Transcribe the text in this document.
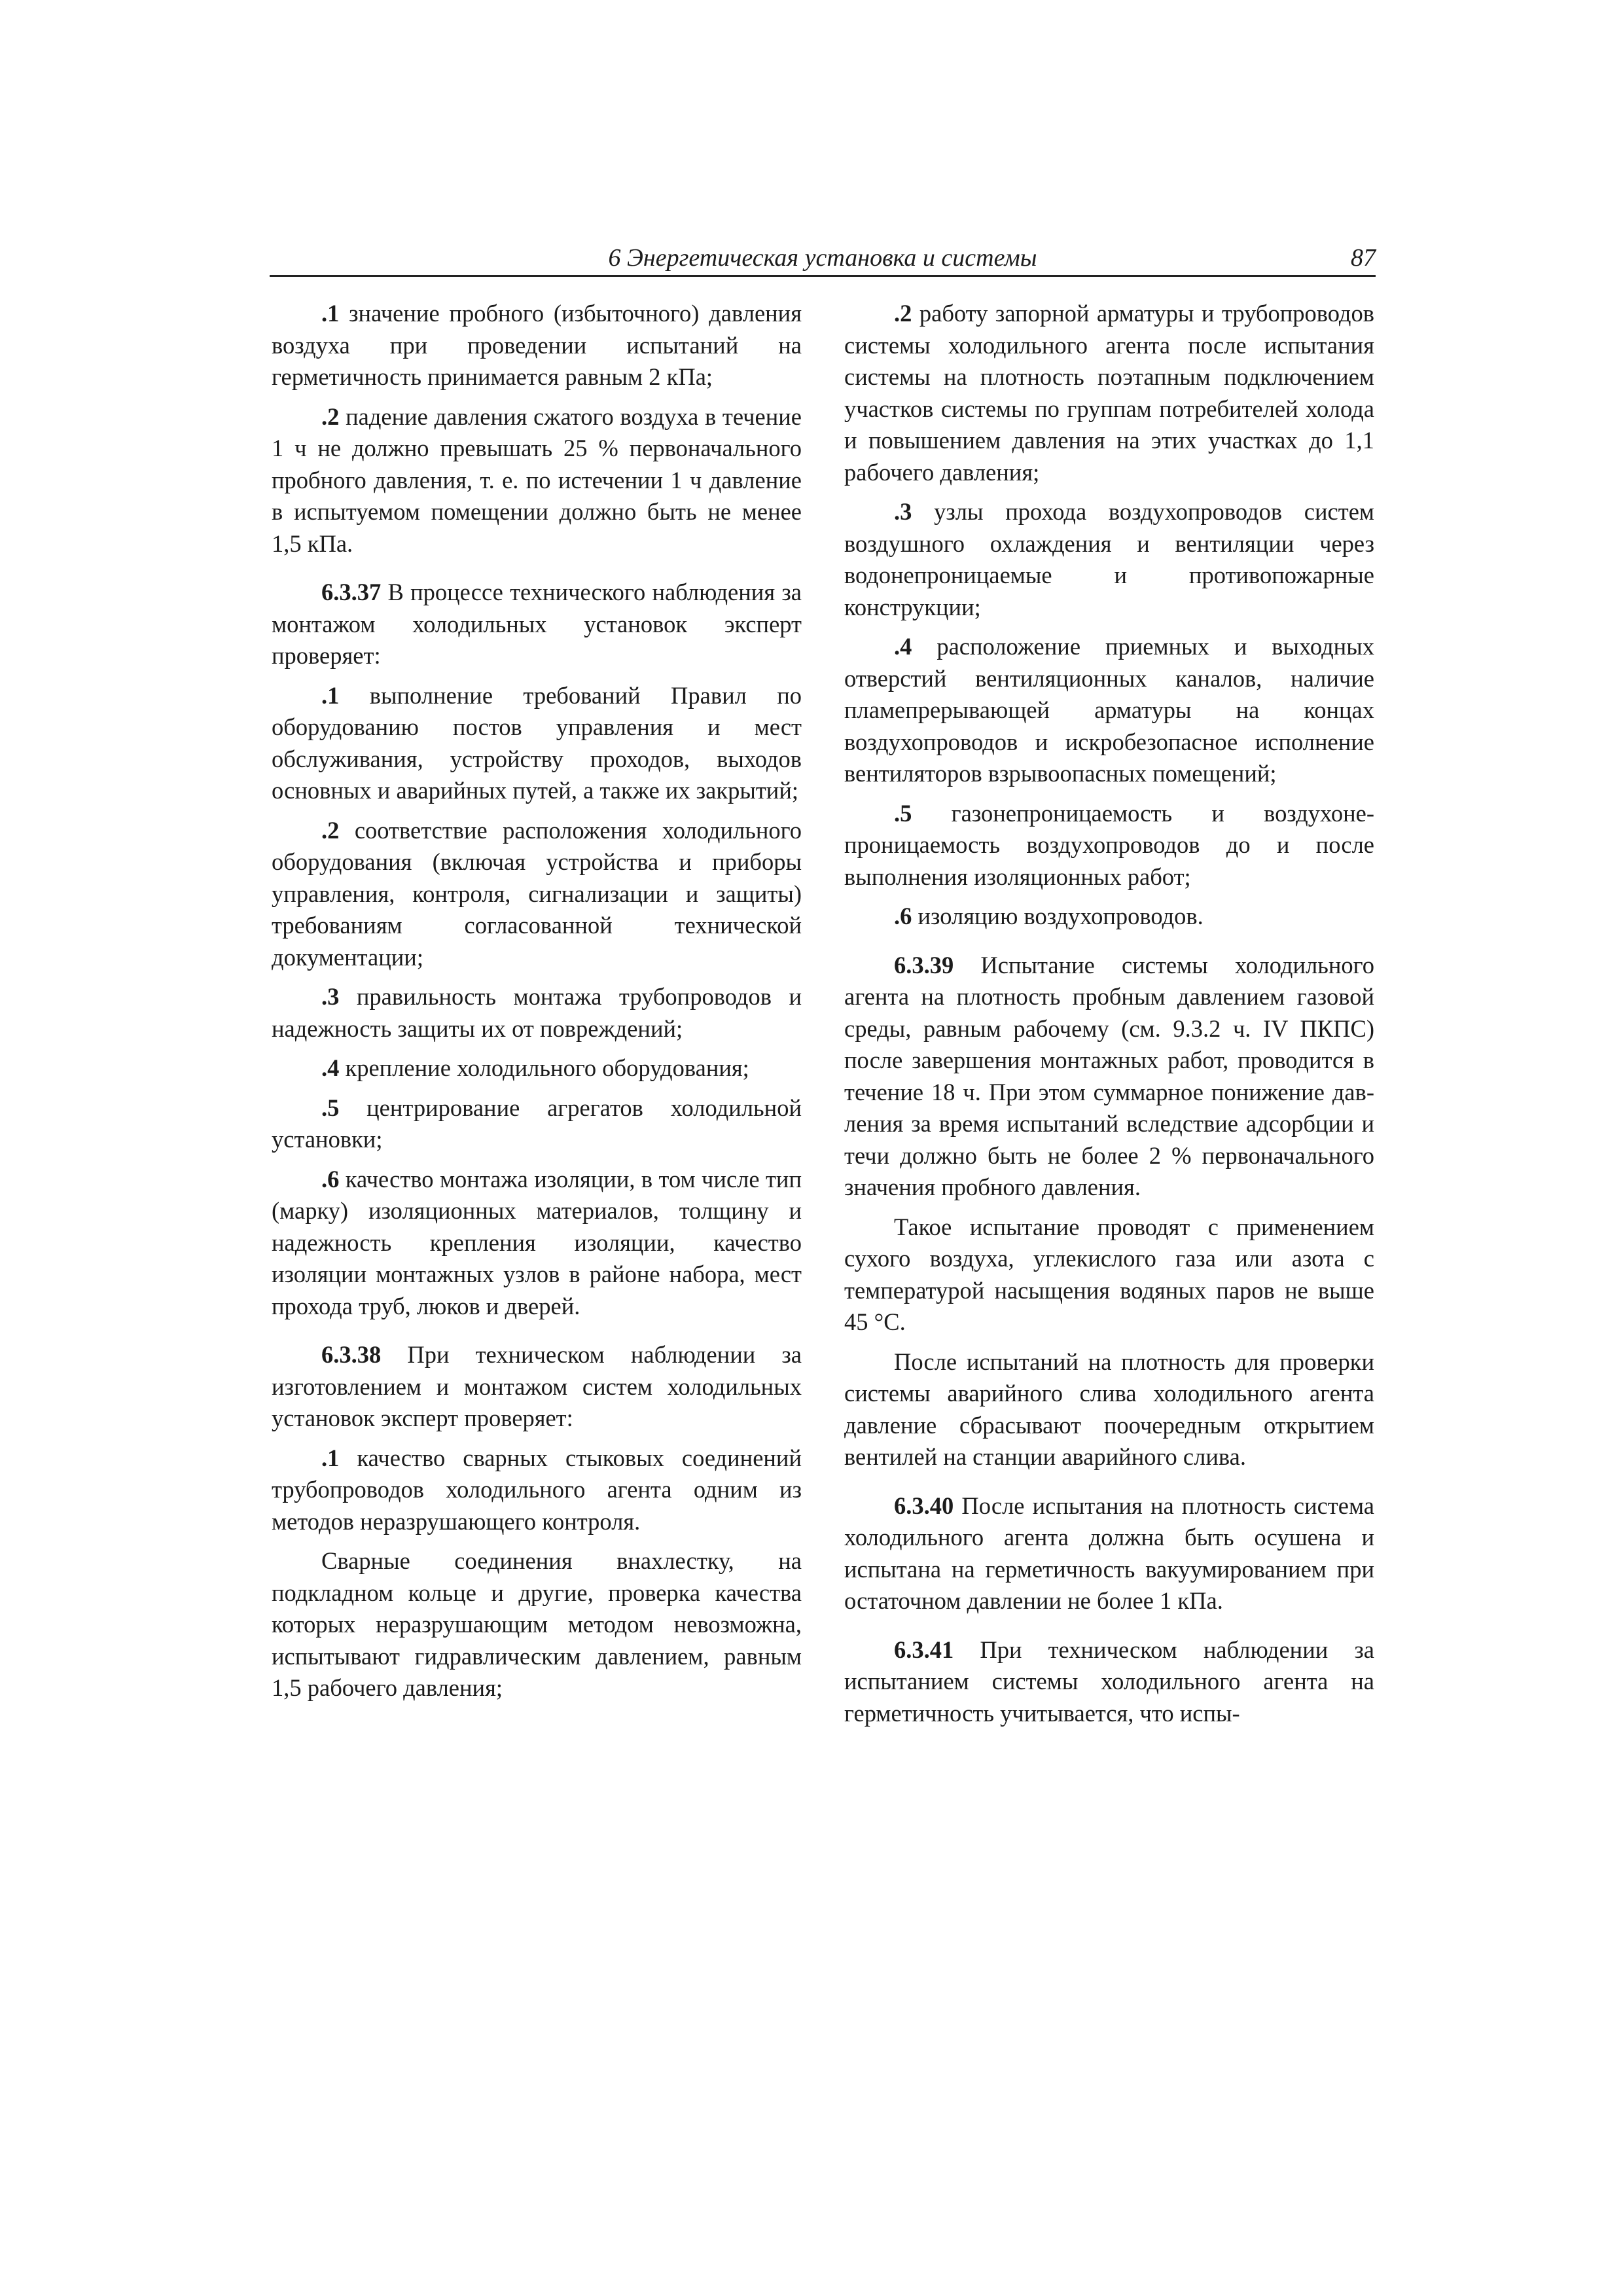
6 Энергетическая установка и системы	87

.1 значение пробного (избыточного) давления воздуха при проведении испытаний на герметичность принимается равным 2 кПа;

.2 падение давления сжатого воздуха в течение 1 ч не должно превышать 25 % первоначального пробного давления, т. е. по истечении 1 ч давление в испытуемом помещении должно быть не менее 1,5 кПа.

6.3.37 В процессе технического наблюдения за монтажом холодильных установок эксперт проверяет:

.1 выполнение требований Правил по оборудованию постов управления и мест обслуживания, устройству проходов, выходов основных и аварийных путей, а также их закрытий;

.2 соответствие расположения холодильного оборудования (включая устройства и приборы управления, контроля, сигнализации и защиты) требованиям согласованной технической документации;

.3 правильность монтажа трубопроводов и надежность защиты их от повреждений;

.4 крепление холодильного оборудования;

.5 центрирование агрегатов холодильной установки;

.6 качество монтажа изоляции, в том числе тип (марку) изоляционных материалов, толщину и надежность крепления изоляции, качество изоляции монтажных узлов в районе набора, мест прохода труб, люков и дверей.

6.3.38 При техническом наблюдении за изготовлением и монтажом систем холодильных установок эксперт проверяет:

.1 качество сварных стыковых соединений трубопроводов холодильного агента одним из методов неразрушающего контроля.

Сварные соединения внахлестку, на подкладном кольце и другие, проверка качества которых неразрушающим методом невозможна, испытывают гидравлическим давлением, равным 1,5 рабочего давления;

.2 работу запорной арматуры и трубопроводов системы холодильного агента после испытания системы на плотность поэтапным подключением участков системы по группам потребителей холода и повышением давления на этих участках до 1,1 рабочего давления;

.3 узлы прохода воздухопроводов систем воздушного охлаждения и вентиляции через водонепроницаемые и противопожарные конструкции;

.4 расположение приемных и выходных отверстий вентиляционных каналов, наличие пламепрерывающей арматуры на концах воздухопроводов и искробезопасное исполнение вентиляторов взрывоопасных помещений;

.5 газонепроницаемость и воздухонепроницаемость воздухопроводов до и после выполнения изоляционных работ;

.6 изоляцию воздухопроводов.

6.3.39 Испытание системы холодильного агента на плотность пробным давлением газовой среды, равным рабочему (см. 9.3.2 ч. IV ПКПС) после завершения монтажных работ, проводится в течение 18 ч. При этом суммарное понижение давления за время испытаний вследствие адсорбции и течи должно быть не более 2 % первоначального значения пробного давления.

Такое испытание проводят с применением сухого воздуха, углекислого газа или азота с температурой насыщения водяных паров не выше 45 °С.

После испытаний на плотность для проверки системы аварийного слива холодильного агента давление сбрасывают поочередным открытием вентилей на станции аварийного слива.

6.3.40 После испытания на плотность система холодильного агента должна быть осушена и испытана на герметичность вакуумированием при остаточном давлении не более 1 кПа.

6.3.41 При техническом наблюдении за испытанием системы холодильного агента на герметичность учитывается, что испы-
